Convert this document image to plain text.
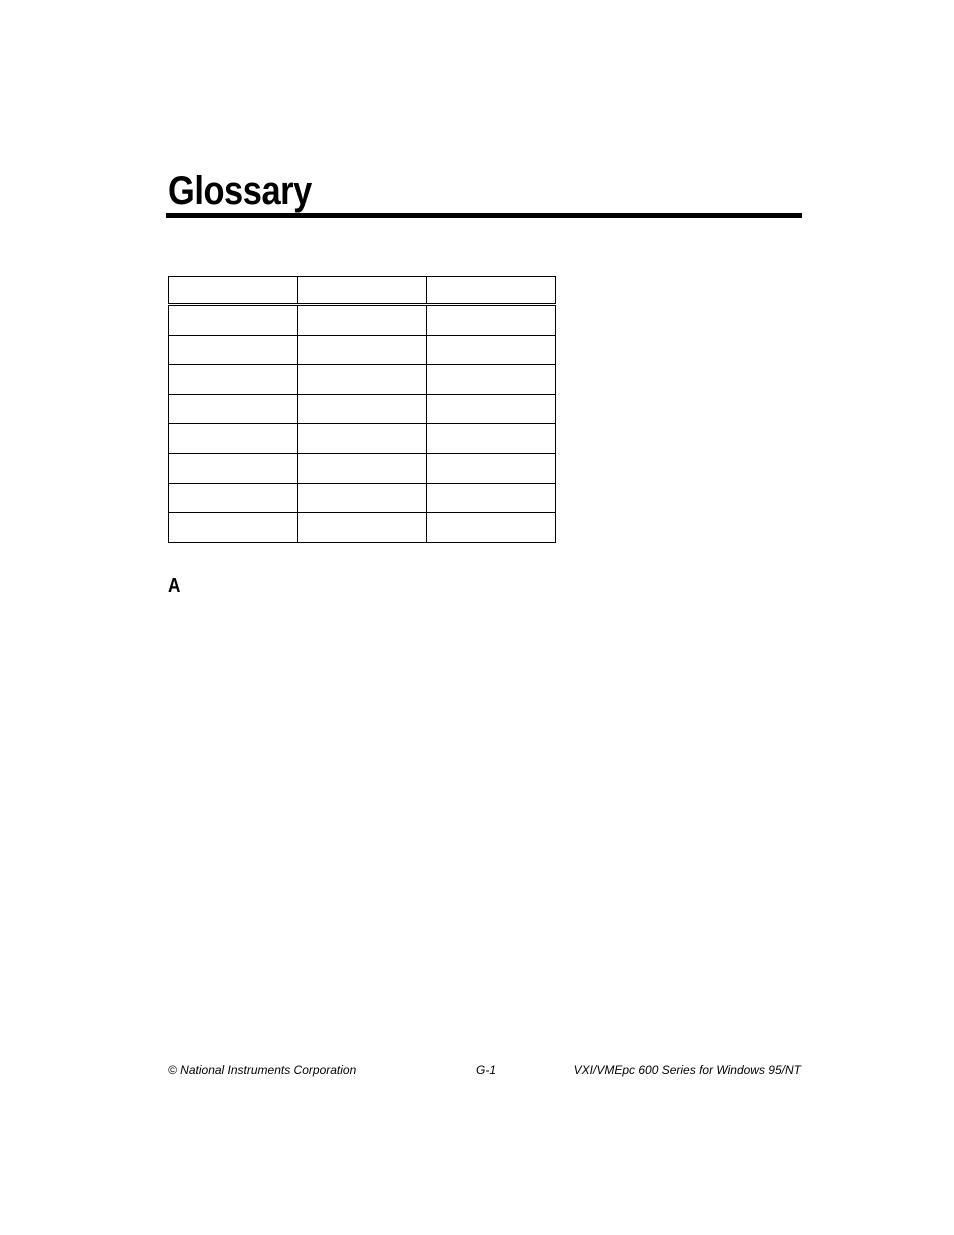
Glossary

A
© National Instruments Corporation	G-1	VXI/VMEpc 600 Series for Windows 95/NT
